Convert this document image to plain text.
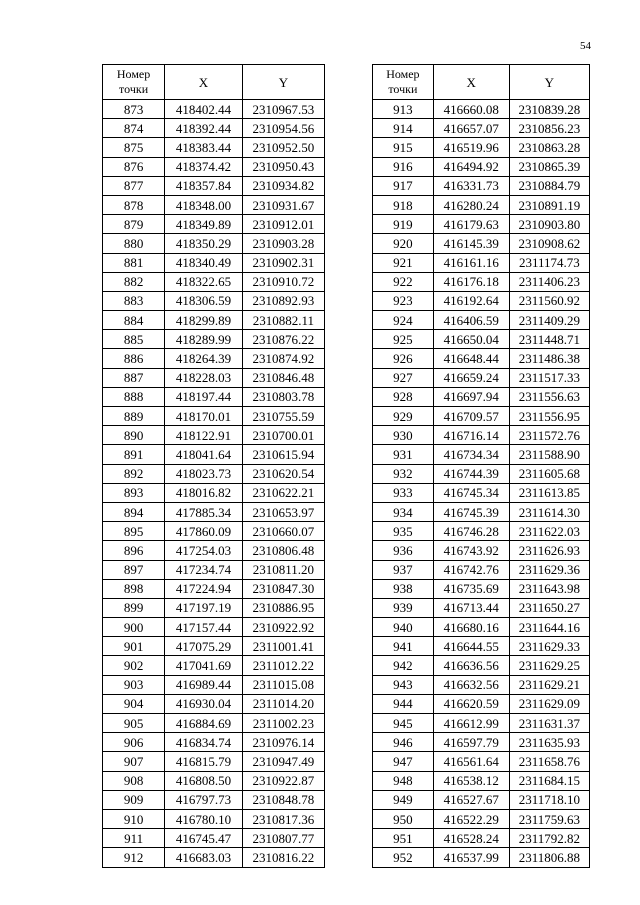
54
Номер точки	X	Y
873	418402.44	2310967.53
874	418392.44	2310954.56
875	418383.44	2310952.50
876	418374.42	2310950.43
877	418357.84	2310934.82
878	418348.00	2310931.67
879	418349.89	2310912.01
880	418350.29	2310903.28
881	418340.49	2310902.31
882	418322.65	2310910.72
883	418306.59	2310892.93
884	418299.89	2310882.11
885	418289.99	2310876.22
886	418264.39	2310874.92
887	418228.03	2310846.48
888	418197.44	2310803.78
889	418170.01	2310755.59
890	418122.91	2310700.01
891	418041.64	2310615.94
892	418023.73	2310620.54
893	418016.82	2310622.21
894	417885.34	2310653.97
895	417860.09	2310660.07
896	417254.03	2310806.48
897	417234.74	2310811.20
898	417224.94	2310847.30
899	417197.19	2310886.95
900	417157.44	2310922.92
901	417075.29	2311001.41
902	417041.69	2311012.22
903	416989.44	2311015.08
904	416930.04	2311014.20
905	416884.69	2311002.23
906	416834.74	2310976.14
907	416815.79	2310947.49
908	416808.50	2310922.87
909	416797.73	2310848.78
910	416780.10	2310817.36
911	416745.47	2310807.77
912	416683.03	2310816.22
Номер точки	X	Y
913	416660.08	2310839.28
914	416657.07	2310856.23
915	416519.96	2310863.28
916	416494.92	2310865.39
917	416331.73	2310884.79
918	416280.24	2310891.19
919	416179.63	2310903.80
920	416145.39	2310908.62
921	416161.16	2311174.73
922	416176.18	2311406.23
923	416192.64	2311560.92
924	416406.59	2311409.29
925	416650.04	2311448.71
926	416648.44	2311486.38
927	416659.24	2311517.33
928	416697.94	2311556.63
929	416709.57	2311556.95
930	416716.14	2311572.76
931	416734.34	2311588.90
932	416744.39	2311605.68
933	416745.34	2311613.85
934	416745.39	2311614.30
935	416746.28	2311622.03
936	416743.92	2311626.93
937	416742.76	2311629.36
938	416735.69	2311643.98
939	416713.44	2311650.27
940	416680.16	2311644.16
941	416644.55	2311629.33
942	416636.56	2311629.25
943	416632.56	2311629.21
944	416620.59	2311629.09
945	416612.99	2311631.37
946	416597.79	2311635.93
947	416561.64	2311658.76
948	416538.12	2311684.15
949	416527.67	2311718.10
950	416522.29	2311759.63
951	416528.24	2311792.82
952	416537.99	2311806.88
